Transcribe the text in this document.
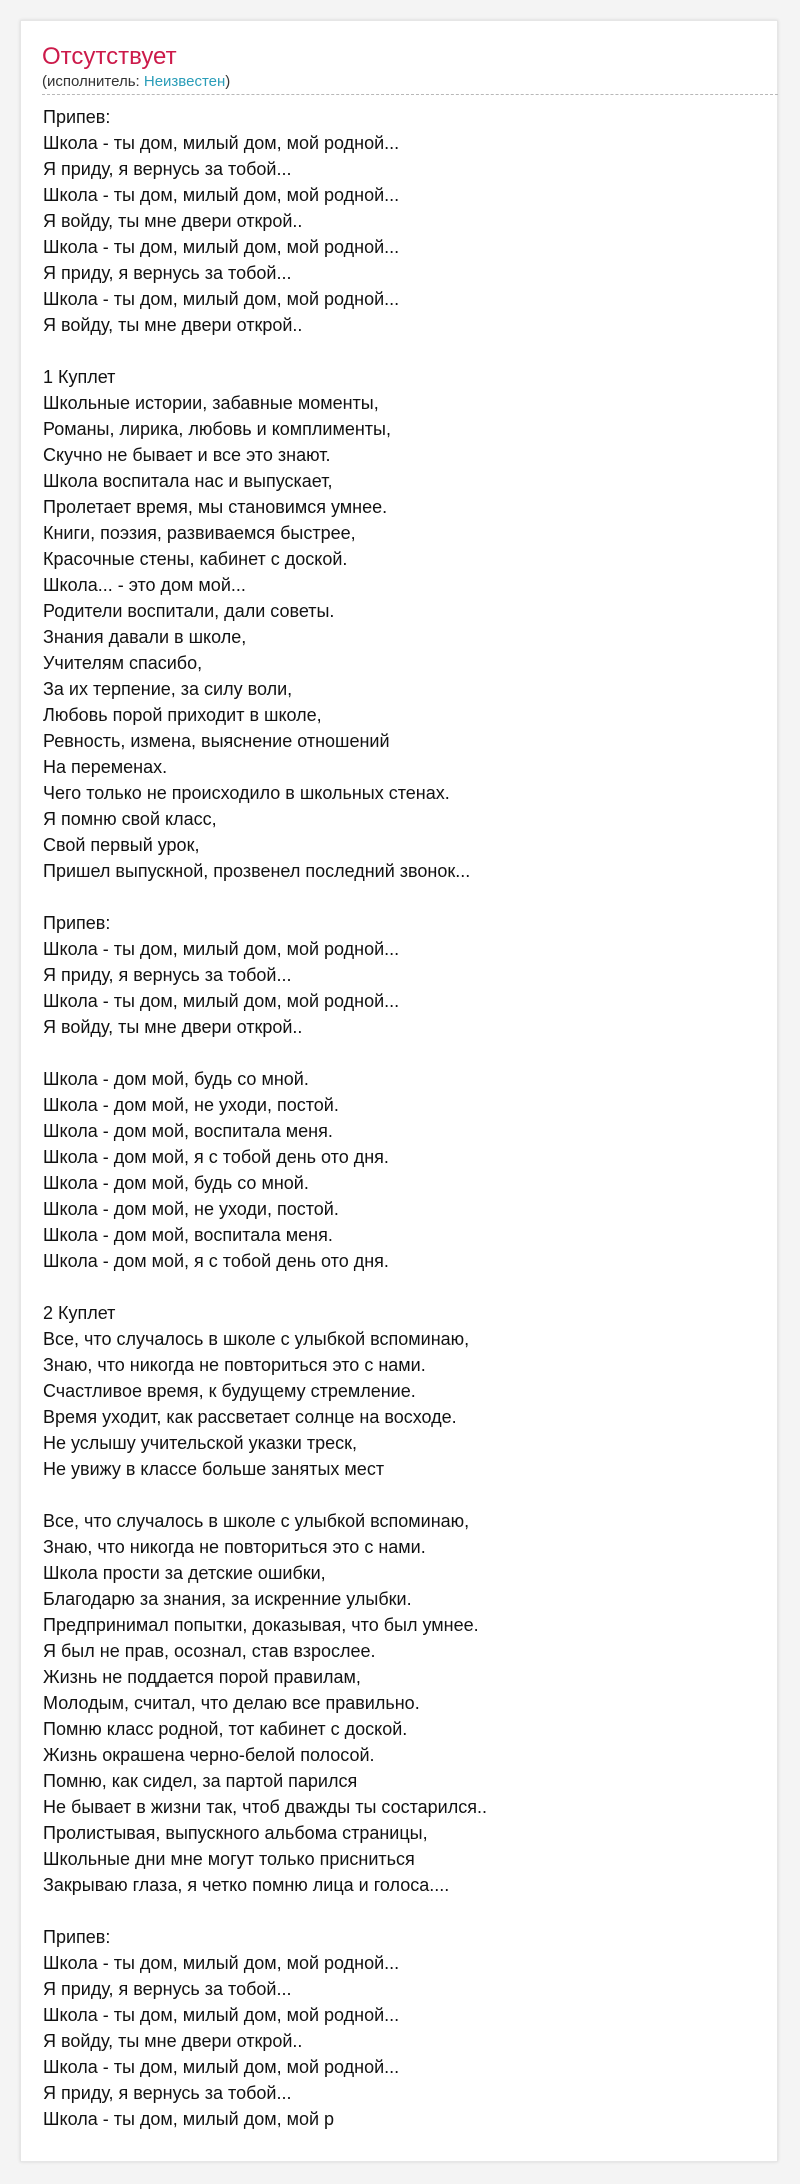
Отсутствует
(исполнитель: Неизвестен)
Припев:
Школа - ты дом, милый дом, мой родной...
Я приду, я вернусь за тобой...
Школа - ты дом, милый дом, мой родной...
Я войду, ты мне двери открой..
Школа - ты дом, милый дом, мой родной...
Я приду, я вернусь за тобой...
Школа - ты дом, милый дом, мой родной...
Я войду, ты мне двери открой..
1 Куплет
Школьные истории, забавные моменты,
Романы, лирика, любовь и комплименты,
Скучно не бывает и все это знают.
Школа воспитала нас и выпускает,
Пролетает время, мы становимся умнее.
Книги, поэзия, развиваемся быстрее,
Красочные стены, кабинет с доской.
Школа... - это дом мой...
Родители воспитали, дали советы.
Знания давали в школе,
Учителям спасибо,
За их терпение, за силу воли,
Любовь порой приходит в школе,
Ревность, измена, выяснение отношений
На переменах.
Чего только не происходило в школьных стенах.
Я помню свой класс,
Свой первый урок,
Пришел выпускной, прозвенел последний звонок...
Припев:
Школа - ты дом, милый дом, мой родной...
Я приду, я вернусь за тобой...
Школа - ты дом, милый дом, мой родной...
Я войду, ты мне двери открой..
Школа - дом мой, будь со мной.
Школа - дом мой, не уходи, постой.
Школа - дом мой, воспитала меня.
Школа - дом мой, я с тобой день ото дня.
Школа - дом мой, будь со мной.
Школа - дом мой, не уходи, постой.
Школа - дом мой, воспитала меня.
Школа - дом мой, я с тобой день ото дня.
2 Куплет
Все, что случалось в школе с улыбкой вспоминаю,
Знаю, что никогда не повториться это с нами.
Счастливое время, к будущему стремление.
Время уходит, как рассветает солнце на восходе.
Не услышу учительской указки треск,
Не увижу в классе больше занятых мест
Все, что случалось в школе с улыбкой вспоминаю,
Знаю, что никогда не повториться это с нами.
Школа прости за детские ошибки,
Благодарю за знания, за искренние улыбки.
Предпринимал попытки, доказывая, что был умнее.
Я был не прав, осознал, став взрослее.
Жизнь не поддается порой правилам,
Молодым, считал, что делаю все правильно.
Помню класс родной, тот кабинет с доской.
Жизнь окрашена черно-белой полосой.
Помню, как сидел, за партой парился
Не бывает в жизни так, чтоб дважды ты состарился..
Пролистывая, выпускного альбома страницы,
Школьные дни мне могут только присниться
Закрываю глаза, я четко помню лица и голоса....
Припев:
Школа - ты дом, милый дом, мой родной...
Я приду, я вернусь за тобой...
Школа - ты дом, милый дом, мой родной...
Я войду, ты мне двери открой..
Школа - ты дом, милый дом, мой родной...
Я приду, я вернусь за тобой...
Школа - ты дом, милый дом, мой р
